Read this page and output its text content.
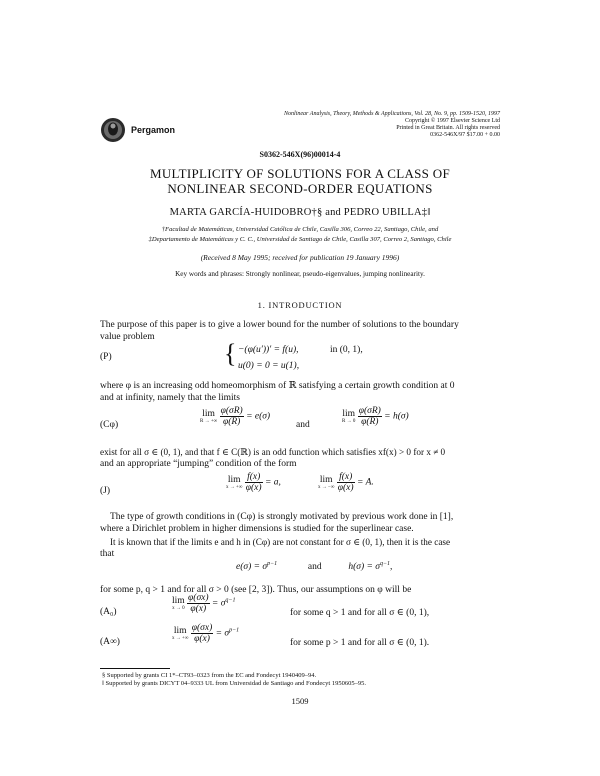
Pergamon
Nonlinear Analysis, Theory, Methods & Applications, Vol. 28, No. 9, pp. 1509-1520, 1997
Copyright © 1997 Elsevier Science Ltd
Printed in Great Britain. All rights reserved
0362-546X/97 $17.00 + 0.00
S0362-546X(96)00014-4
MULTIPLICITY OF SOLUTIONS FOR A CLASS OF
NONLINEAR SECOND-ORDER EQUATIONS
MARTA GARCÍA-HUIDOBRO†§ and PEDRO UBILLA‡‖
†Facultad de Matemáticas, Universidad Católica de Chile, Casilla 306, Correo 22, Santiago, Chile, and
‡Departamento de Matemáticas y C. C., Universidad de Santiago de Chile, Casilla 307, Correo 2, Santiago, Chile
(Received 8 May 1995; received for publication 19 January 1996)
Key words and phrases: Strongly nonlinear, pseudo-eigenvalues, jumping nonlinearity.
1. INTRODUCTION
The purpose of this paper is to give a lower bound for the number of solutions to the boundary
value problem
(P)	{ −(φ(u′))′ = f(u),	in (0, 1),
u(0) = 0 = u(1),
where φ is an increasing odd homeomorphism of ℝ satisfying a certain growth condition at 0
and at infinity, namely that the limits
(Cφ)
lim
R → +∞
$\frac{\varphi(\sigma R)}{\varphi(R)} = e(\sigma)$
and
lim
R → 0
$\frac{\varphi(\sigma R)}{\varphi(R)} = h(\sigma)$
exist for all σ ∈ (0, 1), and that f ∈ C(ℝ) is an odd function which satisfies xf(x) > 0 for x ≠ 0
and an appropriate “jumping” condition of the form
(J)
lim
x → +∞
$\frac{f(x)}{\varphi(x)} = a$,	lim
x → −∞
$\frac{f(x)}{\varphi(x)} = A$.
The type of growth conditions in (Cφ) is strongly motivated by previous work done in [1],
where a Dirichlet problem in higher dimensions is studied for the superlinear case.
It is known that if the limits e and h in (Cφ) are not constant for σ ∈ (0, 1), then it is the case
that
$e(\sigma) = \sigma^{p-1}$	and	$h(\sigma) = \sigma^{q-1}$,
for some p, q > 1 and for all σ > 0 (see [2, 3]). Thus, our assumptions on φ will be
(A₀)
lim
x → 0
$\frac{\varphi(\sigma x)}{\varphi(x)} = \sigma^{q-1}$
for some q > 1 and for all σ ∈ (0, 1),
(A∞)
lim
x → +∞
$\frac{\varphi(\sigma x)}{\varphi(x)} = \sigma^{p-1}$
for some p > 1 and for all σ ∈ (0, 1).
§ Supported by grants CI 1*–CT93–0323 from the EC and Fondecyt 1940409–94.
‖ Supported by grants DICYT 04–9333 UL from Universidad de Santiago and Fondecyt 1950605–95.
1509
